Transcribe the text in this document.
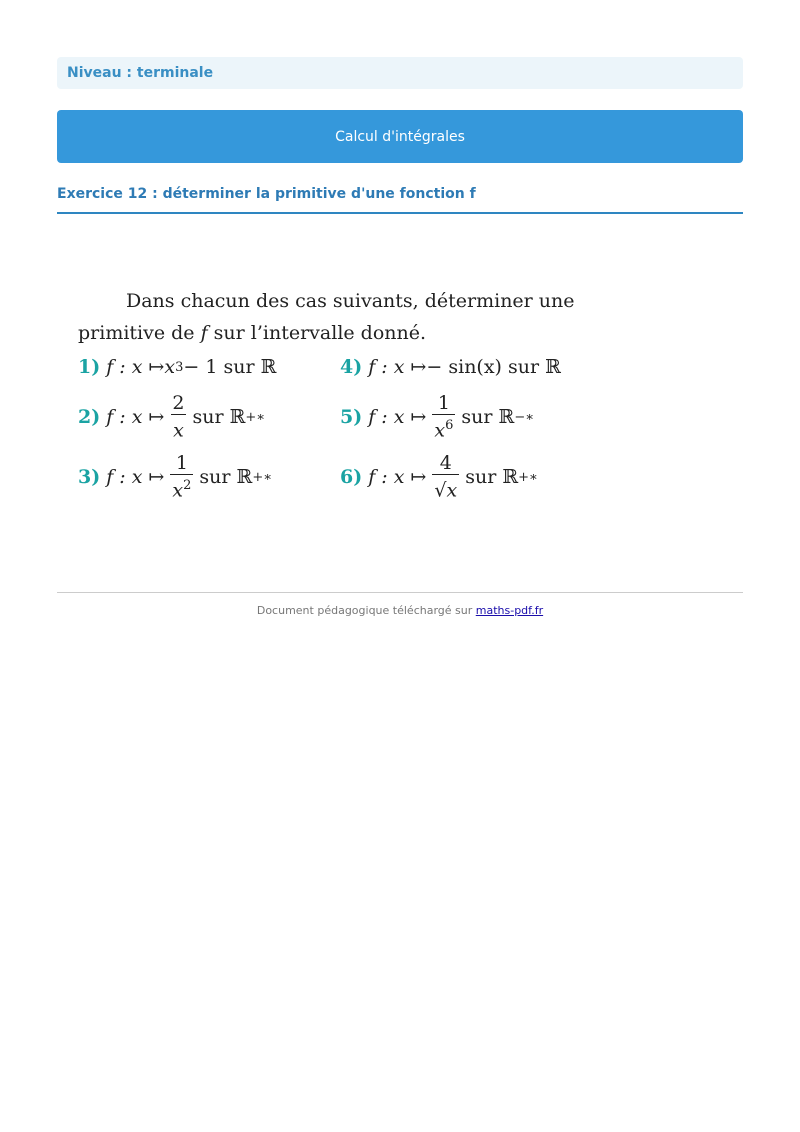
Niveau : terminale
Calcul d'intégrales
Exercice 12 : déterminer la primitive d'une fonction f
Dans chacun des cas suivants, déterminer une primitive de f sur l’intervalle donné.
1) f : x ↦ x 3 − 1 sur ℝ	4) f : x ↦ − sin(x) sur ℝ
2) f : x ↦ $\frac{2}{x}$ sur ℝ +∗	5) f : x ↦ $\frac{1}{x^6}$ sur ℝ −∗
3) f : x ↦ $\frac{1}{x^2}$ sur ℝ +∗	6) f : x ↦ $\frac{4}{√x}$ sur ℝ +∗
Document pédagogique téléchargé sur maths-pdf.fr
